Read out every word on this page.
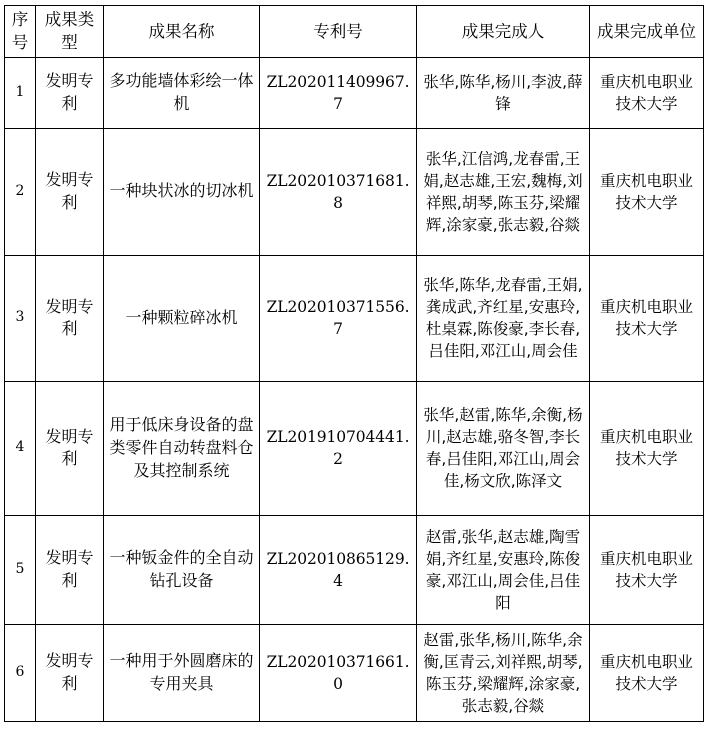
序号	成果类型	成果名称	专利号	成果完成人	成果完成单位
1	发明专利	多功能墙体彩绘一体机	ZL202011409967.7	张华,陈华,杨川,李波,薛锋	重庆机电职业技术大学
2	发明专利	一种块状冰的切冰机	ZL202010371681.8	张华,江信鸿,龙春雷,王娟,赵志雄,王宏,魏梅,刘祥熙,胡琴,陈玉芬,梁耀辉,涂家豪,张志毅,谷燚	重庆机电职业技术大学
3	发明专利	一种颗粒碎冰机	ZL202010371556.7	张华,陈华,龙春雷,王娟,龚成武,齐红星,安惠玲,杜桌霖,陈俊豪,李长春,吕佳阳,邓江山,周会佳	重庆机电职业技术大学
4	发明专利	用于低床身设备的盘类零件自动转盘料仓及其控制系统	ZL201910704441.2	张华,赵雷,陈华,余衡,杨川,赵志雄,骆冬智,李长春,吕佳阳,邓江山,周会佳,杨文欣,陈泽文	重庆机电职业技术大学
5	发明专利	一种钣金件的全自动钻孔设备	ZL202010865129.4	赵雷,张华,赵志雄,陶雪娟,齐红星,安惠玲,陈俊豪,邓江山,周会佳,吕佳阳	重庆机电职业技术大学
6	发明专利	一种用于外圆磨床的专用夹具	ZL202010371661.0	赵雷,张华,杨川,陈华,余衡,匡青云,刘祥熙,胡琴,陈玉芬,梁耀辉,涂家豪,张志毅,谷燚	重庆机电职业技术大学
